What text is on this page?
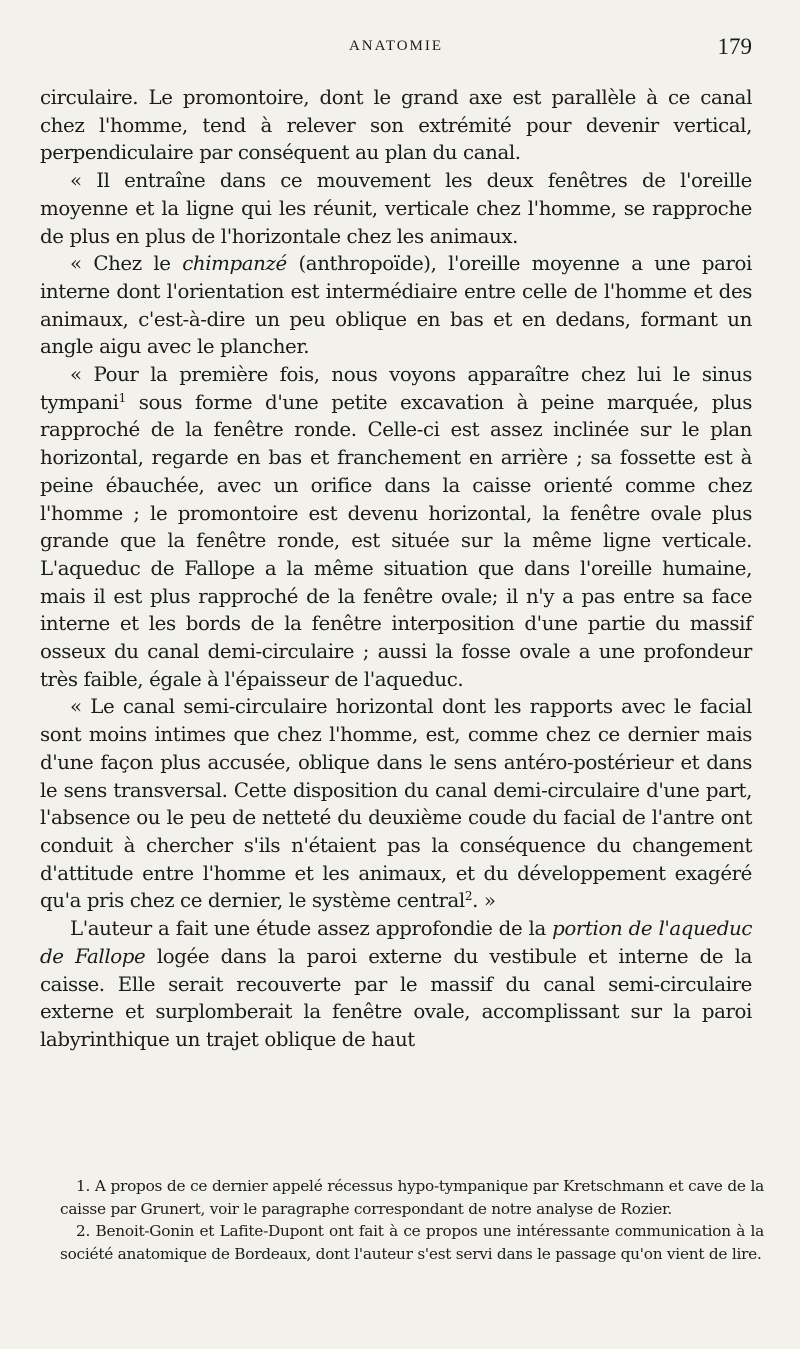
ANATOMIE	179

circulaire. Le promontoire, dont le grand axe est parallèle à ce canal chez l'homme, tend à relever son extrémité pour devenir vertical, perpendiculaire par conséquent au plan du canal.

« Il entraîne dans ce mouvement les deux fenêtres de l'oreille moyenne et la ligne qui les réunit, verticale chez l'homme, se rapproche de plus en plus de l'horizontale chez les animaux.

« Chez le chimpanzé (anthropoïde), l'oreille moyenne a une paroi interne dont l'orientation est intermédiaire entre celle de l'homme et des animaux, c'est-à-dire un peu oblique en bas et en dedans, formant un angle aigu avec le plancher.

« Pour la première fois, nous voyons apparaître chez lui le sinus tympani$^1$ sous forme d'une petite excavation à peine marquée, plus rapproché de la fenêtre ronde. Celle-ci est assez inclinée sur le plan horizontal, regarde en bas et franchement en arrière ; sa fossette est à peine ébauchée, avec un orifice dans la caisse orienté comme chez l'homme ; le promontoire est devenu horizontal, la fenêtre ovale plus grande que la fenêtre ronde, est située sur la même ligne verticale. L'aqueduc de Fallope a la même situation que dans l'oreille humaine, mais il est plus rapproché de la fenêtre ovale; il n'y a pas entre sa face interne et les bords de la fenêtre interposition d'une partie du massif osseux du canal demi-circulaire ; aussi la fosse ovale a une profondeur très faible, égale à l'épaisseur de l'aqueduc.

« Le canal semi-circulaire horizontal dont les rapports avec le facial sont moins intimes que chez l'homme, est, comme chez ce dernier mais d'une façon plus accusée, oblique dans le sens antéro-postérieur et dans le sens transversal. Cette disposition du canal demi-circulaire d'une part, l'absence ou le peu de netteté du deuxième coude du facial de l'antre ont conduit à chercher s'ils n'étaient pas la conséquence du changement d'attitude entre l'homme et les animaux, et du développement exagéré qu'a pris chez ce dernier, le système central$^2$. »

L'auteur a fait une étude assez approfondie de la portion de l'aqueduc de Fallope logée dans la paroi externe du vestibule et interne de la caisse. Elle serait recouverte par le massif du canal semi-circulaire externe et surplomberait la fenêtre ovale, accomplissant sur la paroi labyrinthique un trajet oblique de haut

1. A propos de ce dernier appelé récessus hypo-tympanique par Kretschmann et cave de la caisse par Grunert, voir le paragraphe correspondant de notre analyse de Rozier.

2. Benoit-Gonin et Lafite-Dupont ont fait à ce propos une intéressante communication à la société anatomique de Bordeaux, dont l'auteur s'est servi dans le passage qu'on vient de lire.
